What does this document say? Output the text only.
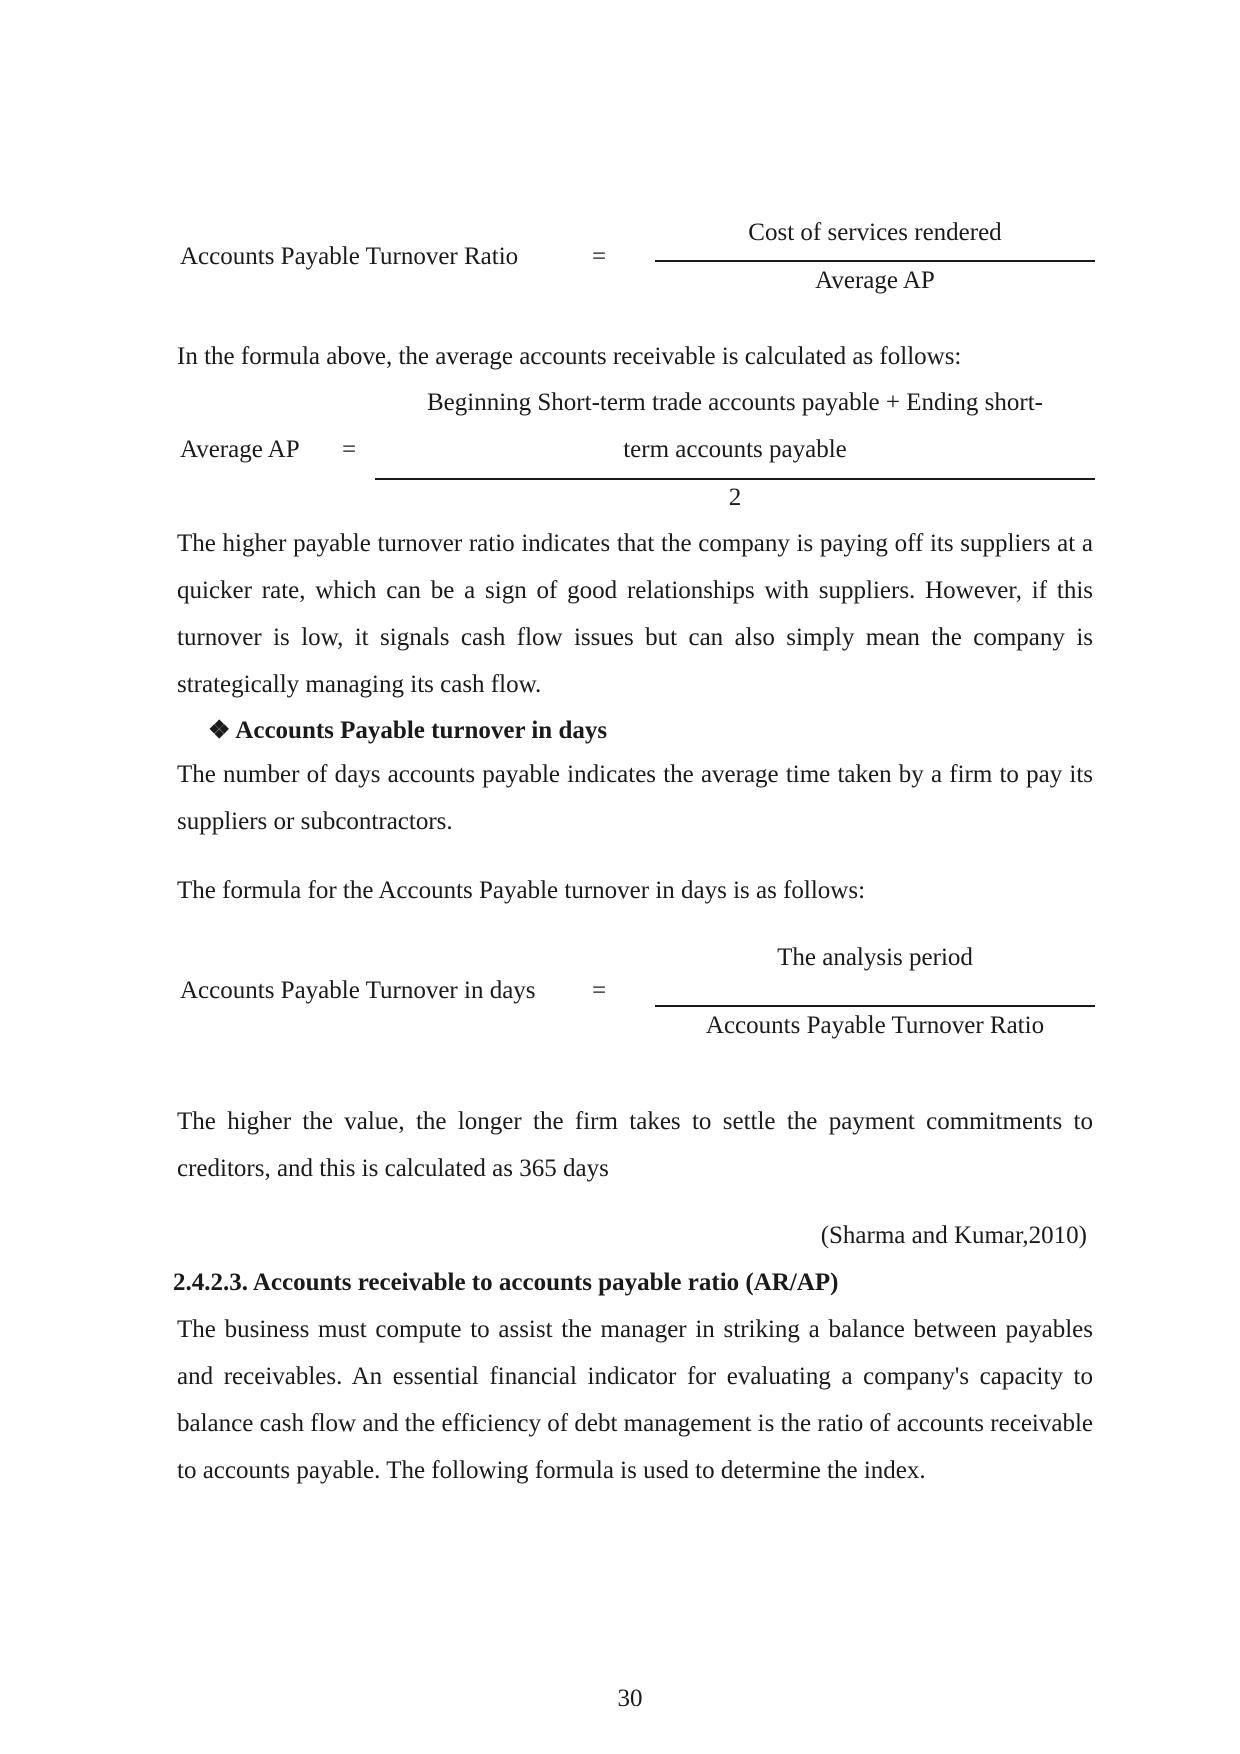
Accounts Payable Turnover Ratio	=
Cost of services rendered
Average AP
In the formula above, the average accounts receivable is calculated as follows:
Average AP =
Beginning Short-term trade accounts payable + Ending short-
term accounts payable
2
The higher payable turnover ratio indicates that the company is paying off its suppliers at a quicker rate, which can be a sign of good relationships with suppliers. However, if this turnover is low, it signals cash flow issues but can also simply mean the company is strategically managing its cash flow.
❖ Accounts Payable turnover in days
The number of days accounts payable indicates the average time taken by a firm to pay its suppliers or subcontractors.
The formula for the Accounts Payable turnover in days is as follows:
Accounts Payable Turnover in days =
The analysis period
Accounts Payable Turnover Ratio
The higher the value, the longer the firm takes to settle the payment commitments to creditors, and this is calculated as 365 days
(Sharma and Kumar,2010)
2.4.2.3. Accounts receivable to accounts payable ratio (AR/AP)
The business must compute to assist the manager in striking a balance between payables and receivables. An essential financial indicator for evaluating a company's capacity to balance cash flow and the efficiency of debt management is the ratio of accounts receivable to accounts payable. The following formula is used to determine the index.
30
